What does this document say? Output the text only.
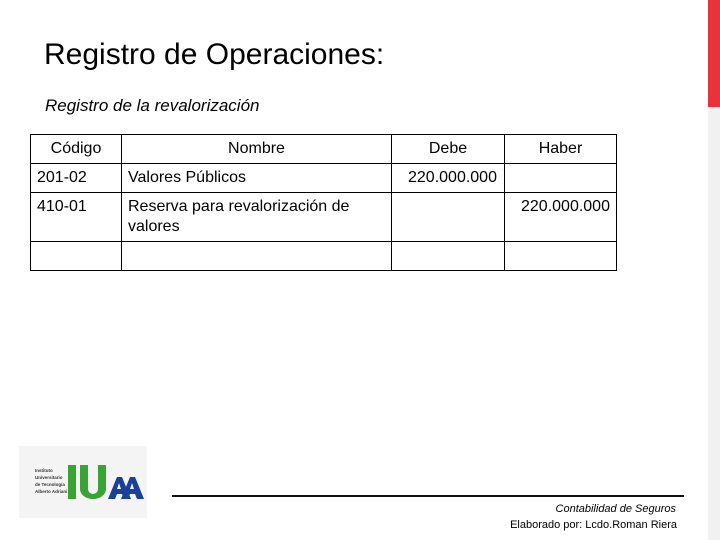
Registro de Operaciones:
Registro de la revalorización
Código	Nombre	Debe	Haber
201-02	Valores Públicos	220.000.000	
410-01	Reserva para revalorización de valores		220.000.000

Instituto
Universitario
de Tecnología
Alberto Adriani
Contabilidad de Seguros
Elaborado por: Lcdo.Roman Riera
